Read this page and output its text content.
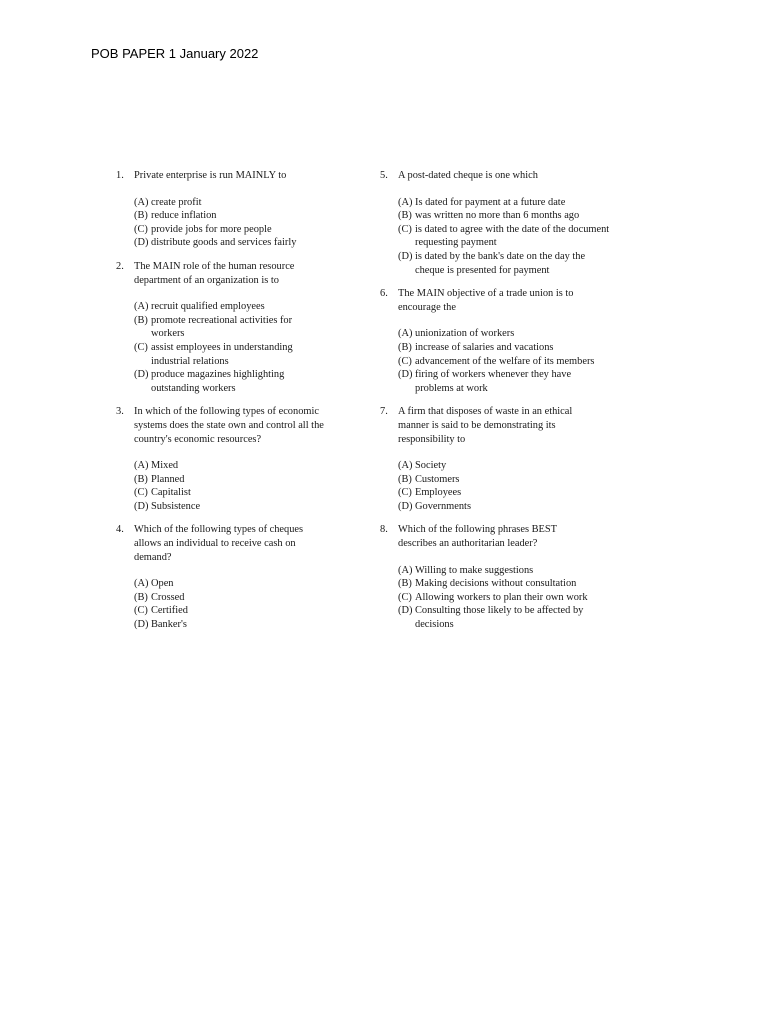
POB PAPER 1 January 2022
1. Private enterprise is run MAINLY to
(A) create profit
(B) reduce inflation
(C) provide jobs for more people
(D) distribute goods and services fairly
2. The MAIN role of the human resource department of an organization is to
(A) recruit qualified employees
(B) promote recreational activities for workers
(C) assist employees in understanding industrial relations
(D) produce magazines highlighting outstanding workers
3. In which of the following types of economic systems does the state own and control all the country's economic resources?
(A) Mixed
(B) Planned
(C) Capitalist
(D) Subsistence
4. Which of the following types of cheques allows an individual to receive cash on demand?
(A) Open
(B) Crossed
(C) Certified
(D) Banker's
5. A post-dated cheque is one which
(A) Is dated for payment at a future date
(B) was written no more than 6 months ago
(C) is dated to agree with the date of the document requesting payment
(D) is dated by the bank's date on the day the cheque is presented for payment
6. The MAIN objective of a trade union is to encourage the
(A) unionization of workers
(B) increase of salaries and vacations
(C) advancement of the welfare of its members
(D) firing of workers whenever they have problems at work
7. A firm that disposes of waste in an ethical manner is said to be demonstrating its responsibility to
(A) Society
(B) Customers
(C) Employees
(D) Governments
8. Which of the following phrases BEST describes an authoritarian leader?
(A) Willing to make suggestions
(B) Making decisions without consultation
(C) Allowing workers to plan their own work
(D) Consulting those likely to be affected by decisions
